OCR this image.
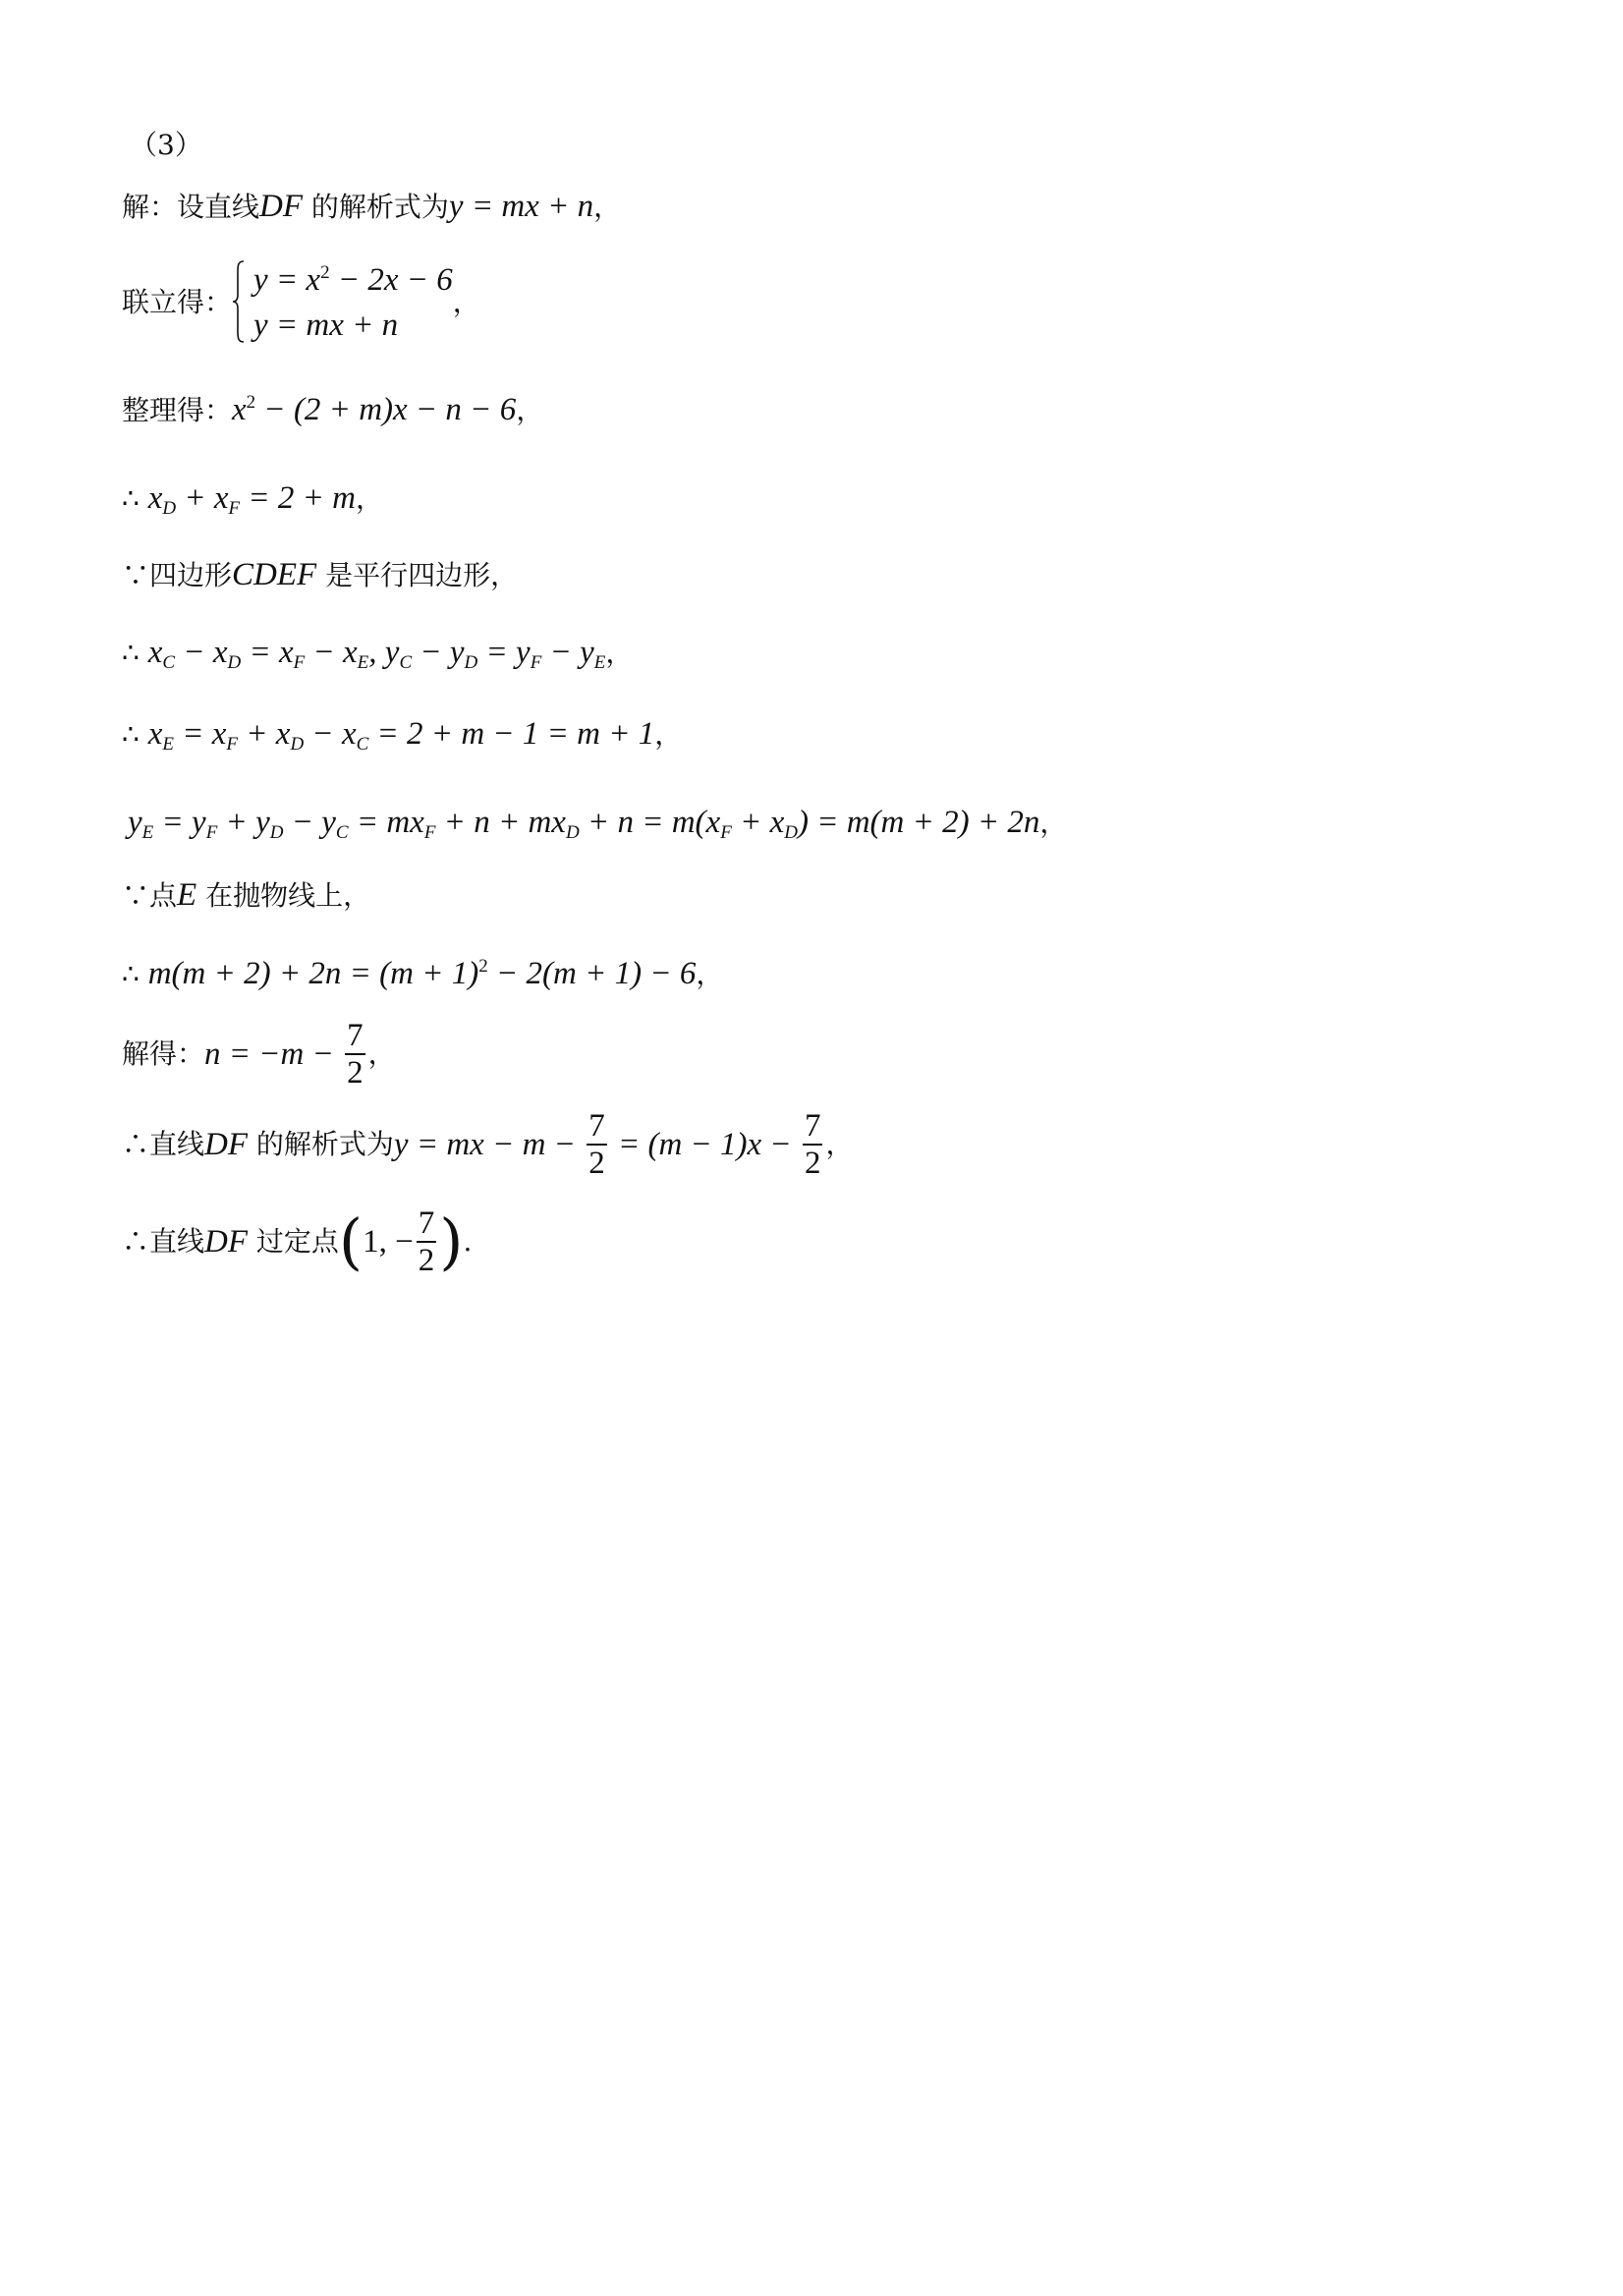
（3）
解：设直线DF 的解析式为y = mx + n，
联立得：
$y = x^2 - 2x - 6$
y = mx + n
，
整理得：$x^2 - (2 + m)x - n - 6$，
∴ $x_D + x_F = 2 + m$，
∵四边形CDEF 是平行四边形，
∴ $x_C - x_D = x_F - x_E$, $y_C - y_D = y_F - y_E$，
∴ $x_E = x_F + x_D - x_C = 2 + m - 1 = m + 1$，
$y_E = y_F + y_D - y_C = mx_F + n + mx_D + n = m(x_F + x_D) = m(m + 2) + 2n$，
∵点E 在抛物线上，
∴ $m(m + 2) + 2n = (m + 1)^2 - 2(m + 1) - 6$，
解得：$n = -m - \frac{7}{2}$ ，
∴直线DF 的解析式为y = mx − $m - \frac{7}{2} = (m - 1)x - \frac{7}{2}$ ，
∴直线DF 过定点(1, − $\frac{7}{2}$ ).
